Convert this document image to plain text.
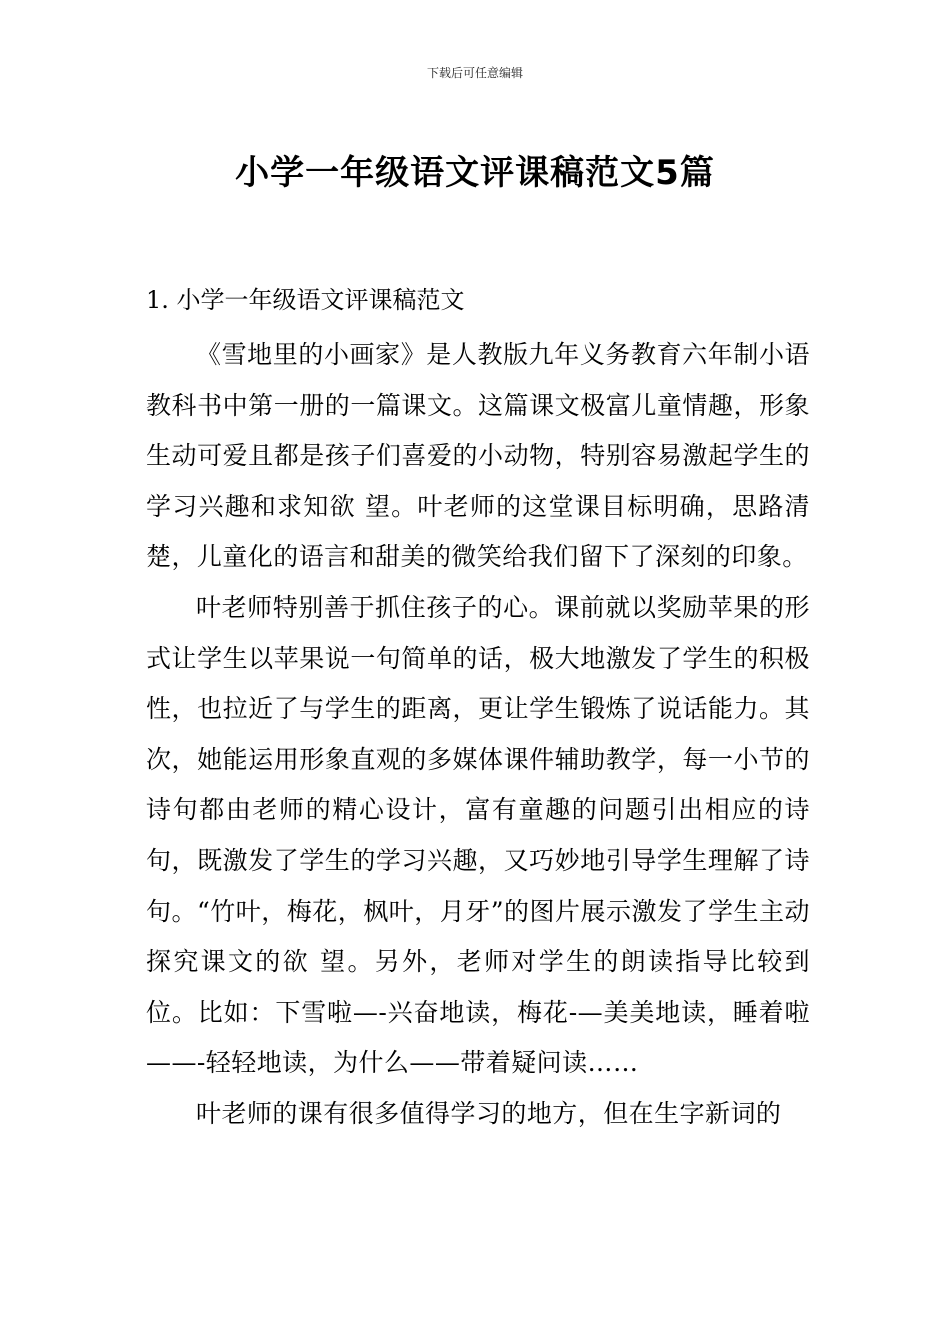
下载后可任意编辑
小学一年级语文评课稿范文5篇

1. 小学一年级语文评课稿范文

《雪地里的小画家》是人教版九年义务教育六年制小语教科书中第一册的一篇课文。这篇课文极富儿童情趣，形象生动可爱且都是孩子们喜爱的小动物，特别容易激起学生的学习兴趣和求知欲 望。叶老师的这堂课目标明确，思路清楚，儿童化的语言和甜美的微笑给我们留下了深刻的印象。

叶老师特别善于抓住孩子的心。课前就以奖励苹果的形式让学生以苹果说一句简单的话，极大地激发了学生的积极性，也拉近了与学生的距离，更让学生锻炼了说话能力。其次，她能运用形象直观的多媒体课件辅助教学，每一小节的诗句都由老师的精心设计，富有童趣的问题引出相应的诗句，既激发了学生的学习兴趣，又巧妙地引导学生理解了诗句。“竹叶，梅花，枫叶，月牙”的图片展示激发了学生主动探究课文的欲 望。另外，老师对学生的朗读指导比较到位。比如：下雪啦—-兴奋地读，梅花-—美美地读，睡着啦——-轻轻地读，为什么——带着疑问读……

叶老师的课有很多值得学习的地方，但在生字新词的
